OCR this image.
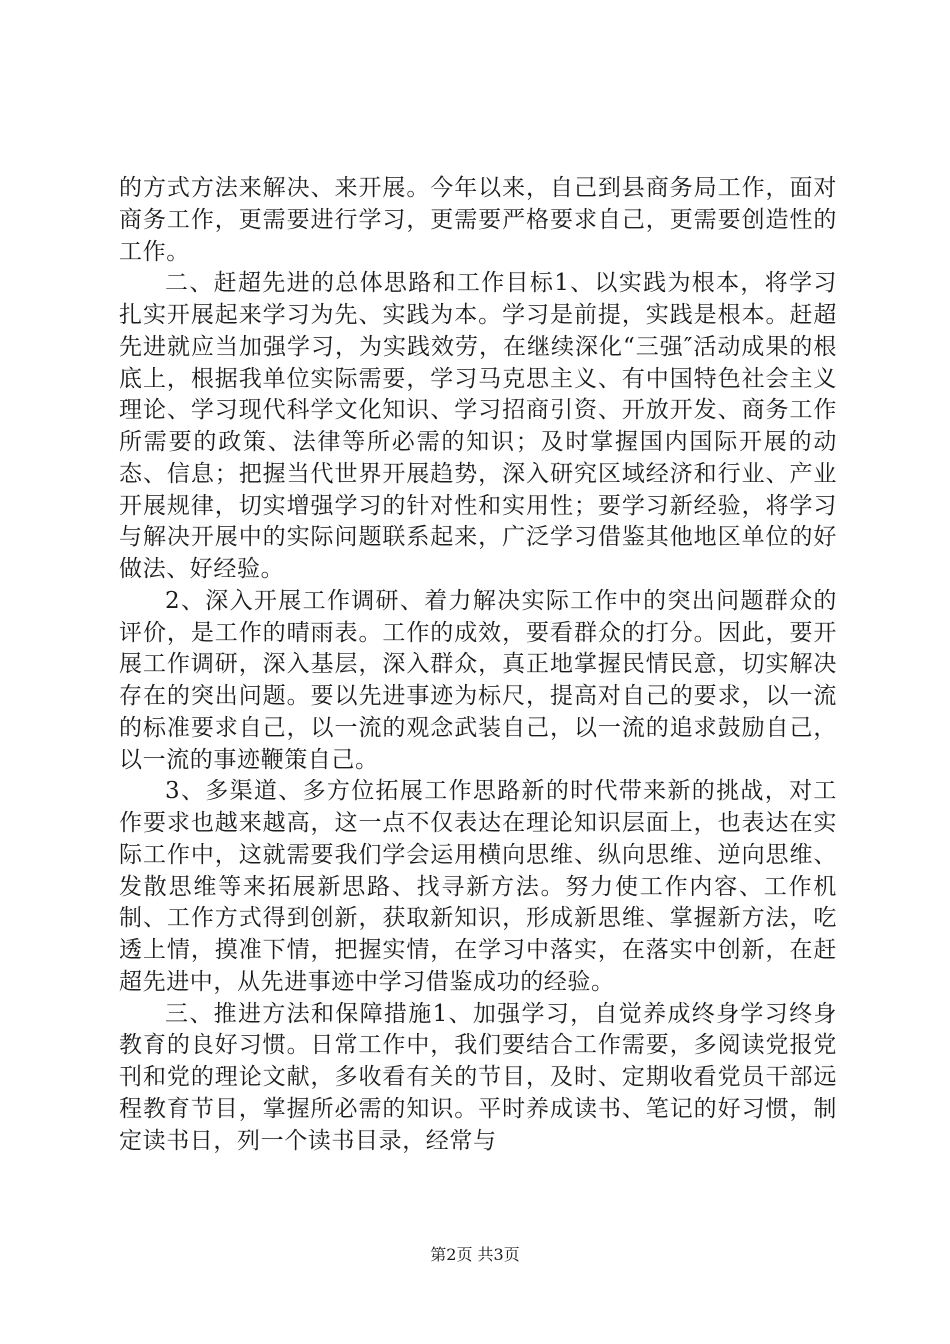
的方式方法来解决、来开展。今年以来，自己到县商务局工作，面对商务工作，更需要进行学习，更需要严格要求自己，更需要创造性的工作。

二、赶超先进的总体思路和工作目标1、以实践为根本，将学习扎实开展起来学习为先、实践为本。学习是前提，实践是根本。赶超先进就应当加强学习，为实践效劳，在继续深化“三强″活动成果的根底上，根据我单位实际需要，学习马克思主义、有中国特色社会主义理论、学习现代科学文化知识、学习招商引资、开放开发、商务工作所需要的政策、法律等所必需的知识；及时掌握国内国际开展的动态、信息；把握当代世界开展趋势，深入研究区域经济和行业、产业开展规律，切实增强学习的针对性和实用性；要学习新经验，将学习与解决开展中的实际问题联系起来，广泛学习借鉴其他地区单位的好做法、好经验。

2、深入开展工作调研、着力解决实际工作中的突出问题群众的评价，是工作的晴雨表。工作的成效，要看群众的打分。因此，要开展工作调研，深入基层，深入群众，真正地掌握民情民意，切实解决存在的突出问题。要以先进事迹为标尺，提高对自己的要求，以一流的标准要求自己，以一流的观念武装自己，以一流的追求鼓励自己，以一流的事迹鞭策自己。

3、多渠道、多方位拓展工作思路新的时代带来新的挑战，对工作要求也越来越高，这一点不仅表达在理论知识层面上，也表达在实际工作中，这就需要我们学会运用横向思维、纵向思维、逆向思维、发散思维等来拓展新思路、找寻新方法。努力使工作内容、工作机制、工作方式得到创新，获取新知识，形成新思维、掌握新方法，吃透上情，摸准下情，把握实情，在学习中落实，在落实中创新，在赶超先进中，从先进事迹中学习借鉴成功的经验。

三、推进方法和保障措施1、加强学习，自觉养成终身学习终身教育的良好习惯。日常工作中，我们要结合工作需要，多阅读党报党刊和党的理论文献，多收看有关的节目，及时、定期收看党员干部远程教育节目，掌握所必需的知识。平时养成读书、笔记的好习惯，制定读书日，列一个读书目录，经常与

第2页 共3页
